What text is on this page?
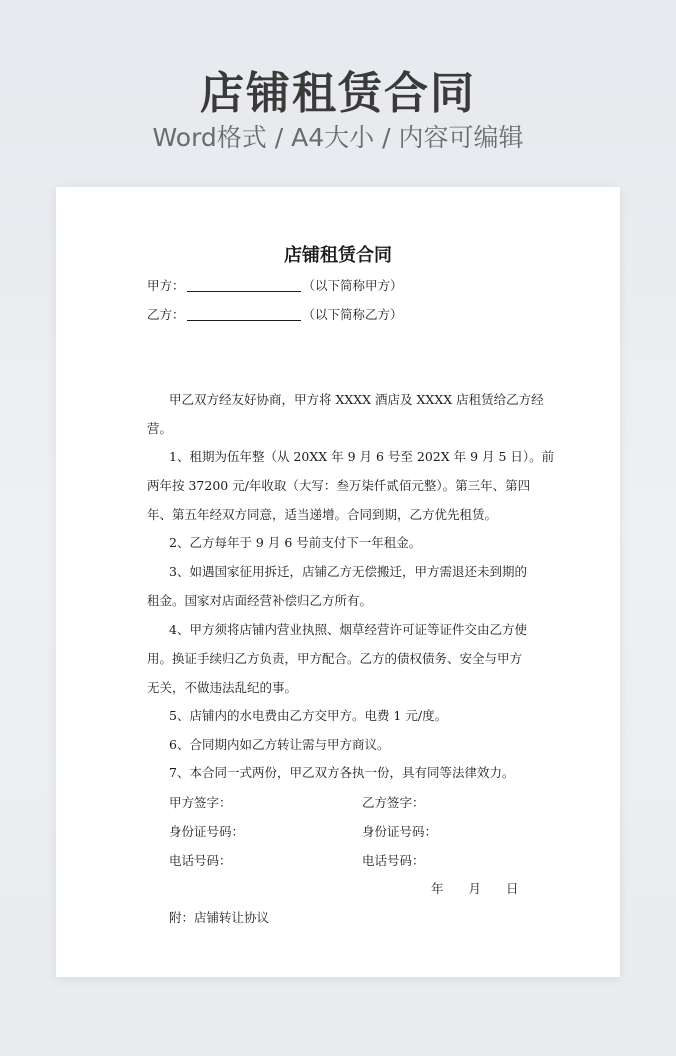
店铺租赁合同
Word格式 / A4大小 / 内容可编辑
店铺租赁合同
甲方：	（以下简称甲方）
乙方：	（以下简称乙方）
甲乙双方经友好协商，甲方将 XXXX 酒店及 XXXX 店租赁给乙方经
营。
1、租期为伍年整（从 20XX 年 9 月 6 号至 202X 年 9 月 5 日）。前
两年按 37200 元/年收取（大写：叁万柒仟贰佰元整）。第三年、第四
年、第五年经双方同意，适当递增。合同到期，乙方优先租赁。
2、乙方每年于 9 月 6 号前支付下一年租金。
3、如遇国家征用拆迁，店铺乙方无偿搬迁，甲方需退还未到期的
租金。国家对店面经营补偿归乙方所有。
4、甲方须将店铺内营业执照、烟草经营许可证等证件交由乙方使
用。换证手续归乙方负责，甲方配合。乙方的债权债务、安全与甲方
无关，不做违法乱纪的事。
5、店铺内的水电费由乙方交甲方。电费 1 元/度。
6、合同期内如乙方转让需与甲方商议。
7、本合同一式两份，甲乙双方各执一份，具有同等法律效力。
甲方签字：	乙方签字：
身份证号码：	身份证号码：
电话号码：	电话号码：
年　　月　　日
附：店铺转让协议
